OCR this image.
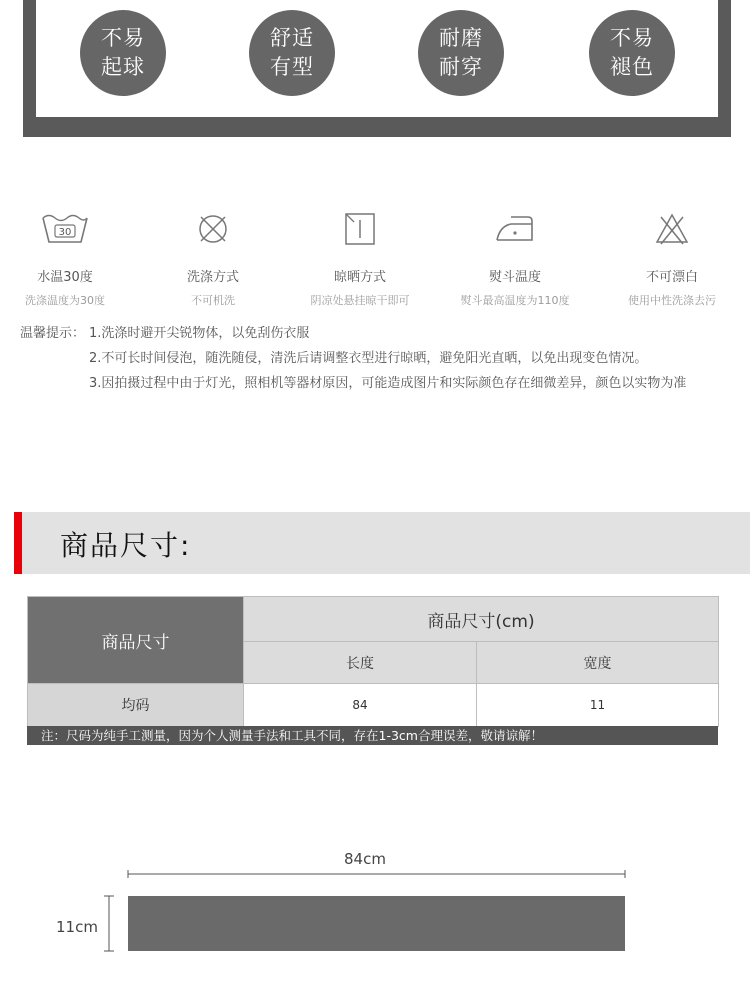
不易
起球
舒适
有型
耐磨
耐穿
不易
褪色
30
水温30度
洗涤温度为30度
洗涤方式
不可机洗
晾晒方式
阴凉处悬挂晾干即可
熨斗温度
熨斗最高温度为110度
不可漂白
使用中性洗涤去污
温馨提示： 1.洗涤时避开尖锐物体，以免刮伤衣服
2.不可长时间侵泡，随洗随侵，清洗后请调整衣型进行晾晒，避免阳光直晒，以免出现变色情况。
3.因拍摄过程中由于灯光，照相机等器材原因，可能造成图片和实际颜色存在细微差异，颜色以实物为准
商品尺寸:
商品尺寸	商品尺寸(cm)	
	长度	宽度
均码	84	11
注：尺码为纯手工测量，因为个人测量手法和工具不同，存在1-3cm合理误差，敬请谅解！
84cm
11cm
